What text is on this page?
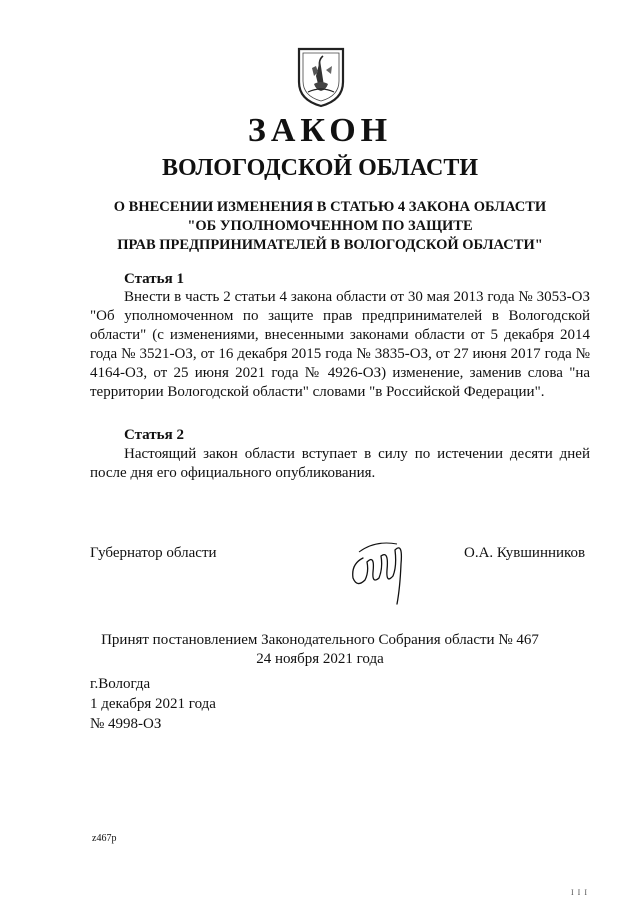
ЗАКОН
ВОЛОГОДСКОЙ ОБЛАСТИ
О ВНЕСЕНИИ ИЗМЕНЕНИЯ В СТАТЬЮ 4 ЗАКОНА ОБЛАСТИ
"ОБ УПОЛНОМОЧЕННОМ ПО ЗАЩИТЕ
ПРАВ ПРЕДПРИНИМАТЕЛЕЙ В ВОЛОГОДСКОЙ ОБЛАСТИ"
Статья 1
Внести в часть 2 статьи 4 закона области от 30 мая 2013 года № 3053-ОЗ "Об уполномоченном по защите прав предпринимателей в Вологодской области" (с изменениями, внесенными законами области от 5 декабря 2014 года № 3521-ОЗ, от 16 декабря 2015 года № 3835-ОЗ, от 27 июня 2017 года № 4164-ОЗ, от 25 июня 2021 года № 4926-ОЗ) изменение, заменив слова "на территории Вологодской области" словами "в Российской Федерации".
Статья 2
Настоящий закон области вступает в силу по истечении десяти дней после дня его официального опубликования.
Губернатор области	О.А. Кувшинников
Принят постановлением Законодательного Собрания области № 467
24 ноября 2021 года
г.Вологда
1 декабря 2021 года
№ 4998-ОЗ
z467р
I I I
